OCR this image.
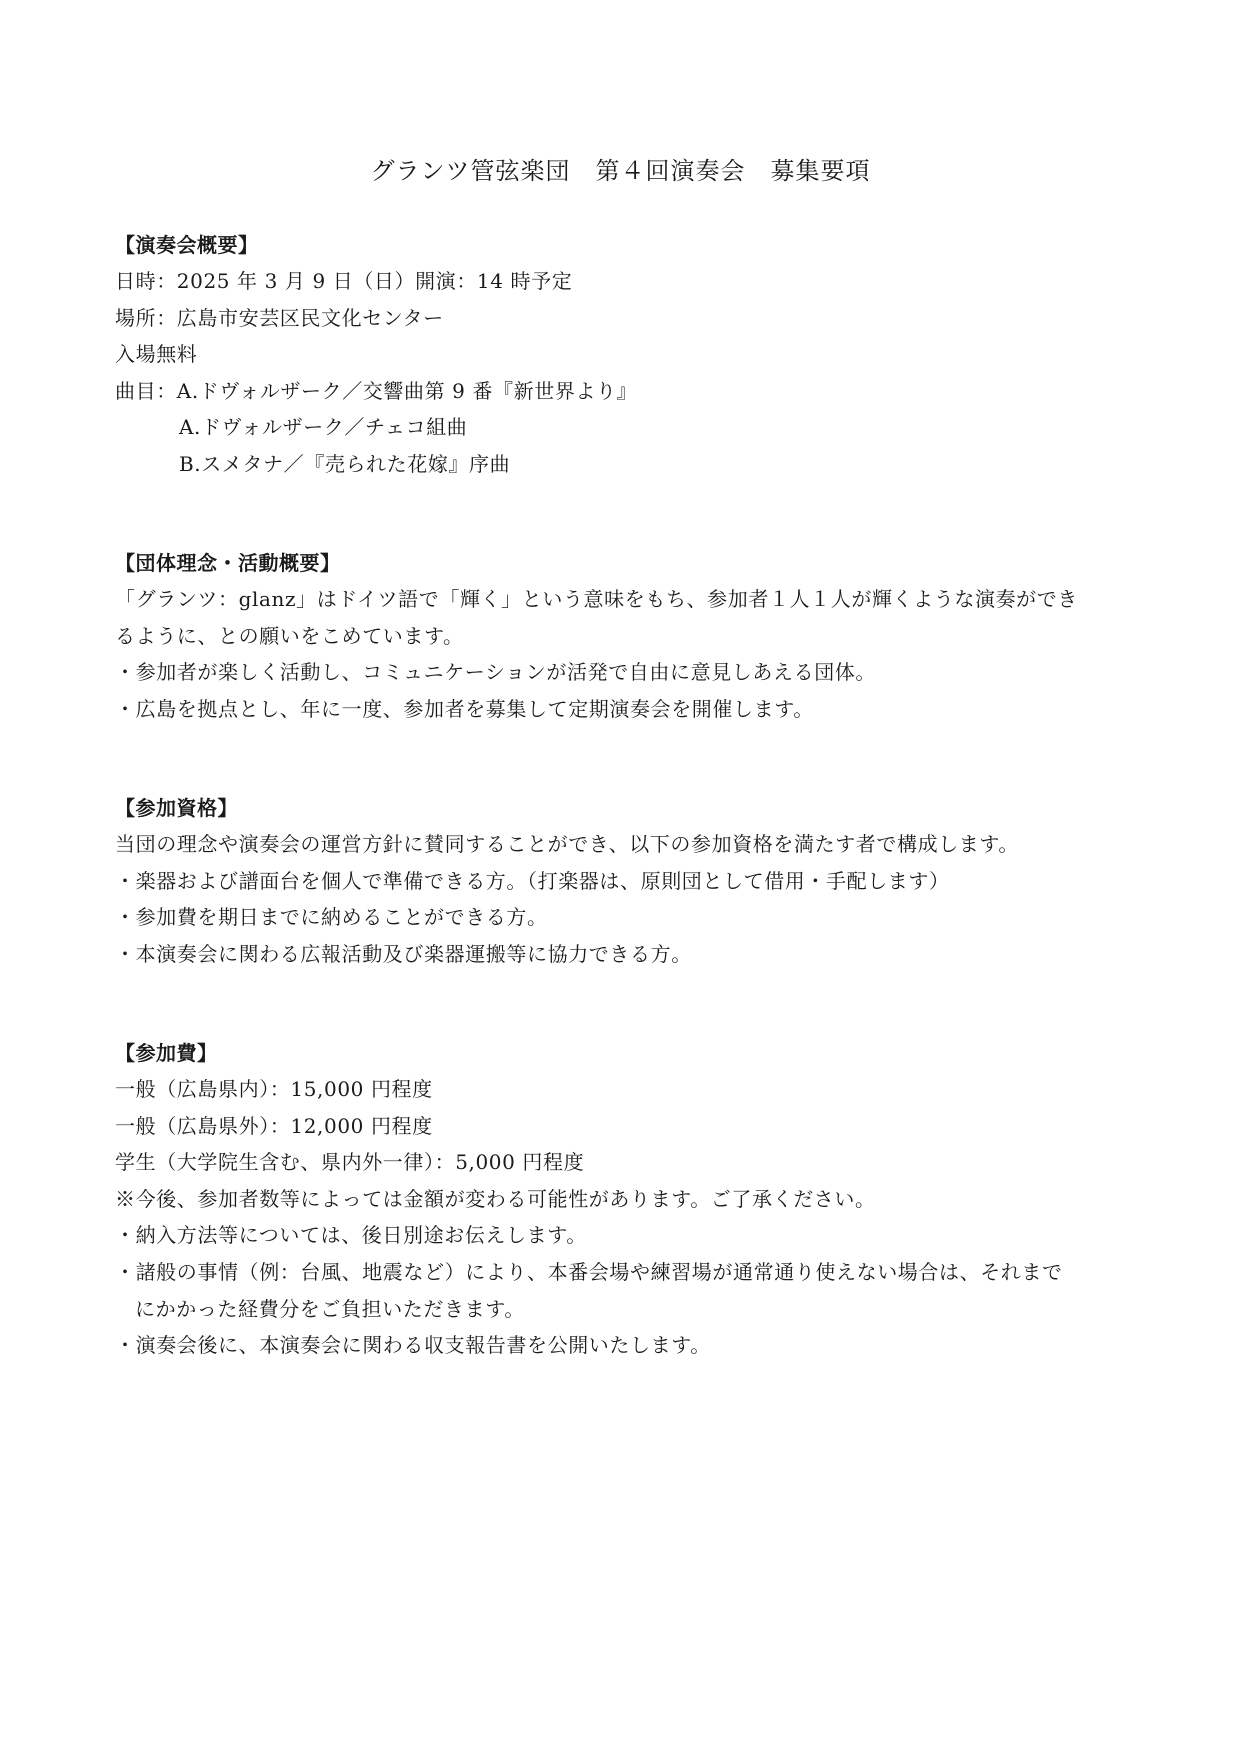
グランツ管弦楽団　第４回演奏会　募集要項
【演奏会概要】
日時：2025 年 3 月 9 日（日）開演：14 時予定
場所：広島市安芸区民文化センター
入場無料
曲目：A.ドヴォルザーク／交響曲第 9 番『新世界より』
A.ドヴォルザーク／チェコ組曲
B.スメタナ／『売られた花嫁』序曲
【団体理念・活動概要】
「グランツ：glanz」はドイツ語で「輝く」という意味をもち、参加者１人１人が輝くような演奏ができ
るように、との願いをこめています。
・参加者が楽しく活動し、コミュニケーションが活発で自由に意見しあえる団体。
・広島を拠点とし、年に一度、参加者を募集して定期演奏会を開催します。
【参加資格】
当団の理念や演奏会の運営方針に賛同することができ、以下の参加資格を満たす者で構成します。
・楽器および譜面台を個人で準備できる方。（打楽器は、原則団として借用・手配します）
・参加費を期日までに納めることができる方。
・本演奏会に関わる広報活動及び楽器運搬等に協力できる方。
【参加費】
一般（広島県内）：15,000 円程度
一般（広島県外）：12,000 円程度
学生（大学院生含む、県内外一律）：5,000 円程度
※今後、参加者数等によっては金額が変わる可能性があります。ご了承ください。
・納入方法等については、後日別途お伝えします。
・諸般の事情（例：台風、地震など）により、本番会場や練習場が通常通り使えない場合は、それまで
にかかった経費分をご負担いただきます。
・演奏会後に、本演奏会に関わる収支報告書を公開いたします。
